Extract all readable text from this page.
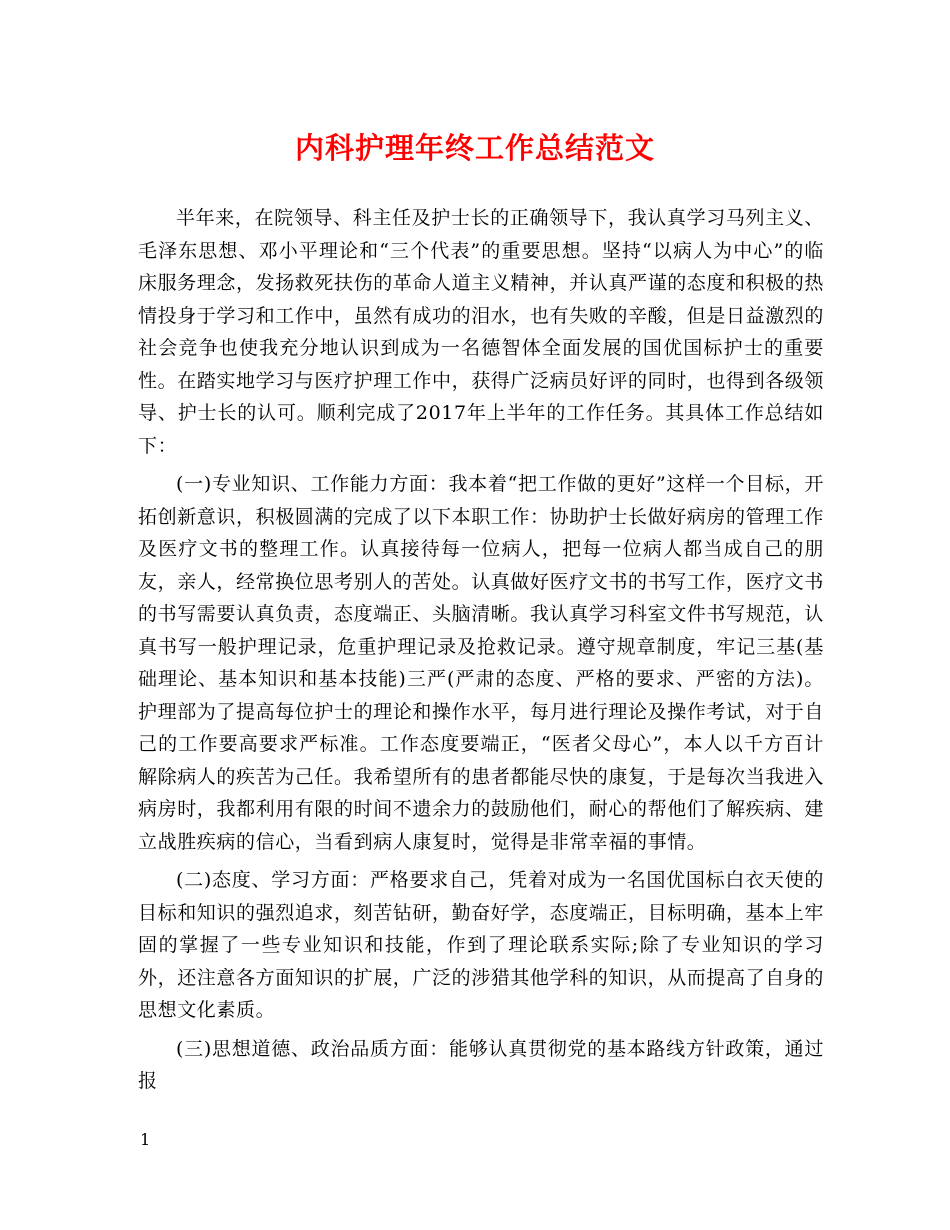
内科护理年终工作总结范文

半年来，在院领导、科主任及护士长的正确领导下，我认真学习马列主义、毛泽东思想、邓小平理论和“三个代表”的重要思想。坚持“以病人为中心”的临床服务理念，发扬救死扶伤的革命人道主义精神，并认真严谨的态度和积极的热情投身于学习和工作中，虽然有成功的泪水，也有失败的辛酸，但是日益激烈的社会竞争也使我充分地认识到成为一名德智体全面发展的国优国标护士的重要性。在踏实地学习与医疗护理工作中，获得广泛病员好评的同时，也得到各级领导、护士长的认可。顺利完成了2017年上半年的工作任务。其具体工作总结如下：

(一)专业知识、工作能力方面：我本着“把工作做的更好”这样一个目标，开拓创新意识，积极圆满的完成了以下本职工作：协助护士长做好病房的管理工作及医疗文书的整理工作。认真接待每一位病人，把每一位病人都当成自己的朋友，亲人，经常换位思考别人的苦处。认真做好医疗文书的书写工作，医疗文书的书写需要认真负责，态度端正、头脑清晰。我认真学习科室文件书写规范，认真书写一般护理记录，危重护理记录及抢救记录。遵守规章制度，牢记三基(基础理论、基本知识和基本技能)三严(严肃的态度、严格的要求、严密的方法)。护理部为了提高每位护士的理论和操作水平，每月进行理论及操作考试，对于自己的工作要高要求严标准。工作态度要端正，“医者父母心”，本人以千方百计解除病人的疾苦为己任。我希望所有的患者都能尽快的康复，于是每次当我进入病房时，我都利用有限的时间不遗余力的鼓励他们，耐心的帮他们了解疾病、建立战胜疾病的信心，当看到病人康复时，觉得是非常幸福的事情。

(二)态度、学习方面：严格要求自己，凭着对成为一名国优国标白衣天使的目标和知识的强烈追求，刻苦钻研，勤奋好学，态度端正，目标明确，基本上牢固的掌握了一些专业知识和技能，作到了理论联系实际;除了专业知识的学习外，还注意各方面知识的扩展，广泛的涉猎其他学科的知识，从而提高了自身的思想文化素质。

(三)思想道德、政治品质方面：能够认真贯彻党的基本路线方针政策，通过报

1
